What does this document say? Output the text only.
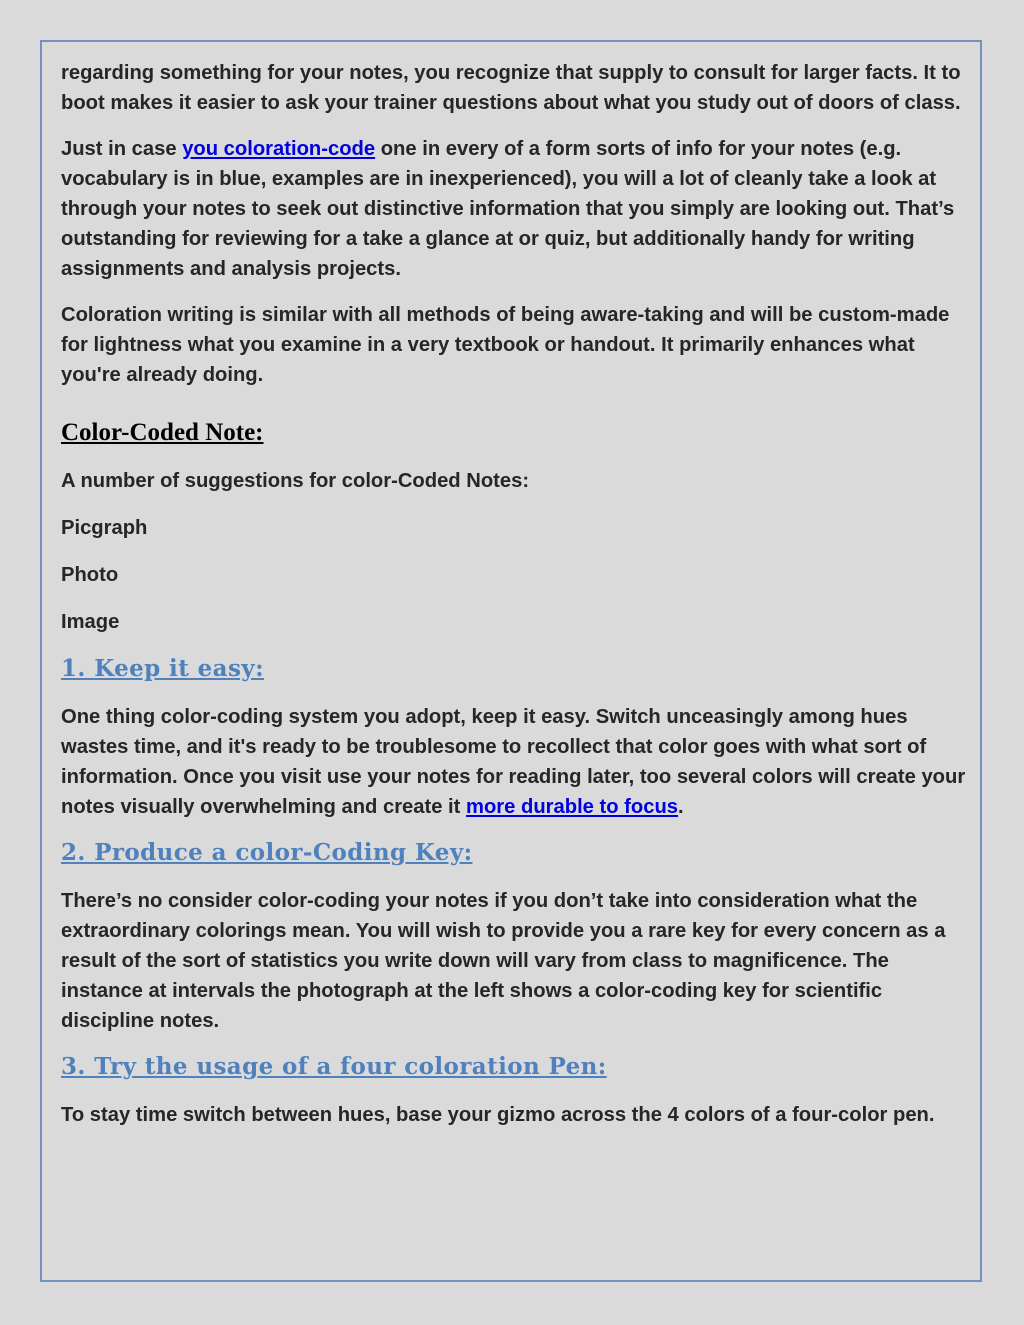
regarding something for your notes, you recognize that supply to consult for larger facts. It to boot makes it easier to ask your trainer questions about what you study out of doors of class.

Just in case you coloration-code one in every of a form sorts of info for your notes (e.g. vocabulary is in blue, examples are in inexperienced), you will a lot of cleanly take a look at through your notes to seek out distinctive information that you simply are looking out. That’s outstanding for reviewing for a take a glance at or quiz, but additionally handy for writing assignments and analysis projects.

Coloration writing is similar with all methods of being aware-taking and will be custom-made for lightness what you examine in a very textbook or handout. It primarily enhances what you're already doing.

Color-Coded Note:

A number of suggestions for color-Coded Notes:

Picgraph

Photo

Image

1. Keep it easy:

One thing color-coding system you adopt, keep it easy. Switch unceasingly among hues wastes time, and it's ready to be troublesome to recollect that color goes with what sort of information. Once you visit use your notes for reading later, too several colors will create your notes visually overwhelming and create it more durable to focus.

2. Produce a color-Coding Key:

There’s no consider color-coding your notes if you don’t take into consideration what the extraordinary colorings mean. You will wish to provide you a rare key for every concern as a result of the sort of statistics you write down will vary from class to magnificence. The instance at intervals the photograph at the left shows a color-coding key for scientific discipline notes.

3. Try the usage of a four coloration Pen:

To stay time switch between hues, base your gizmo across the 4 colors of a four-color pen.
